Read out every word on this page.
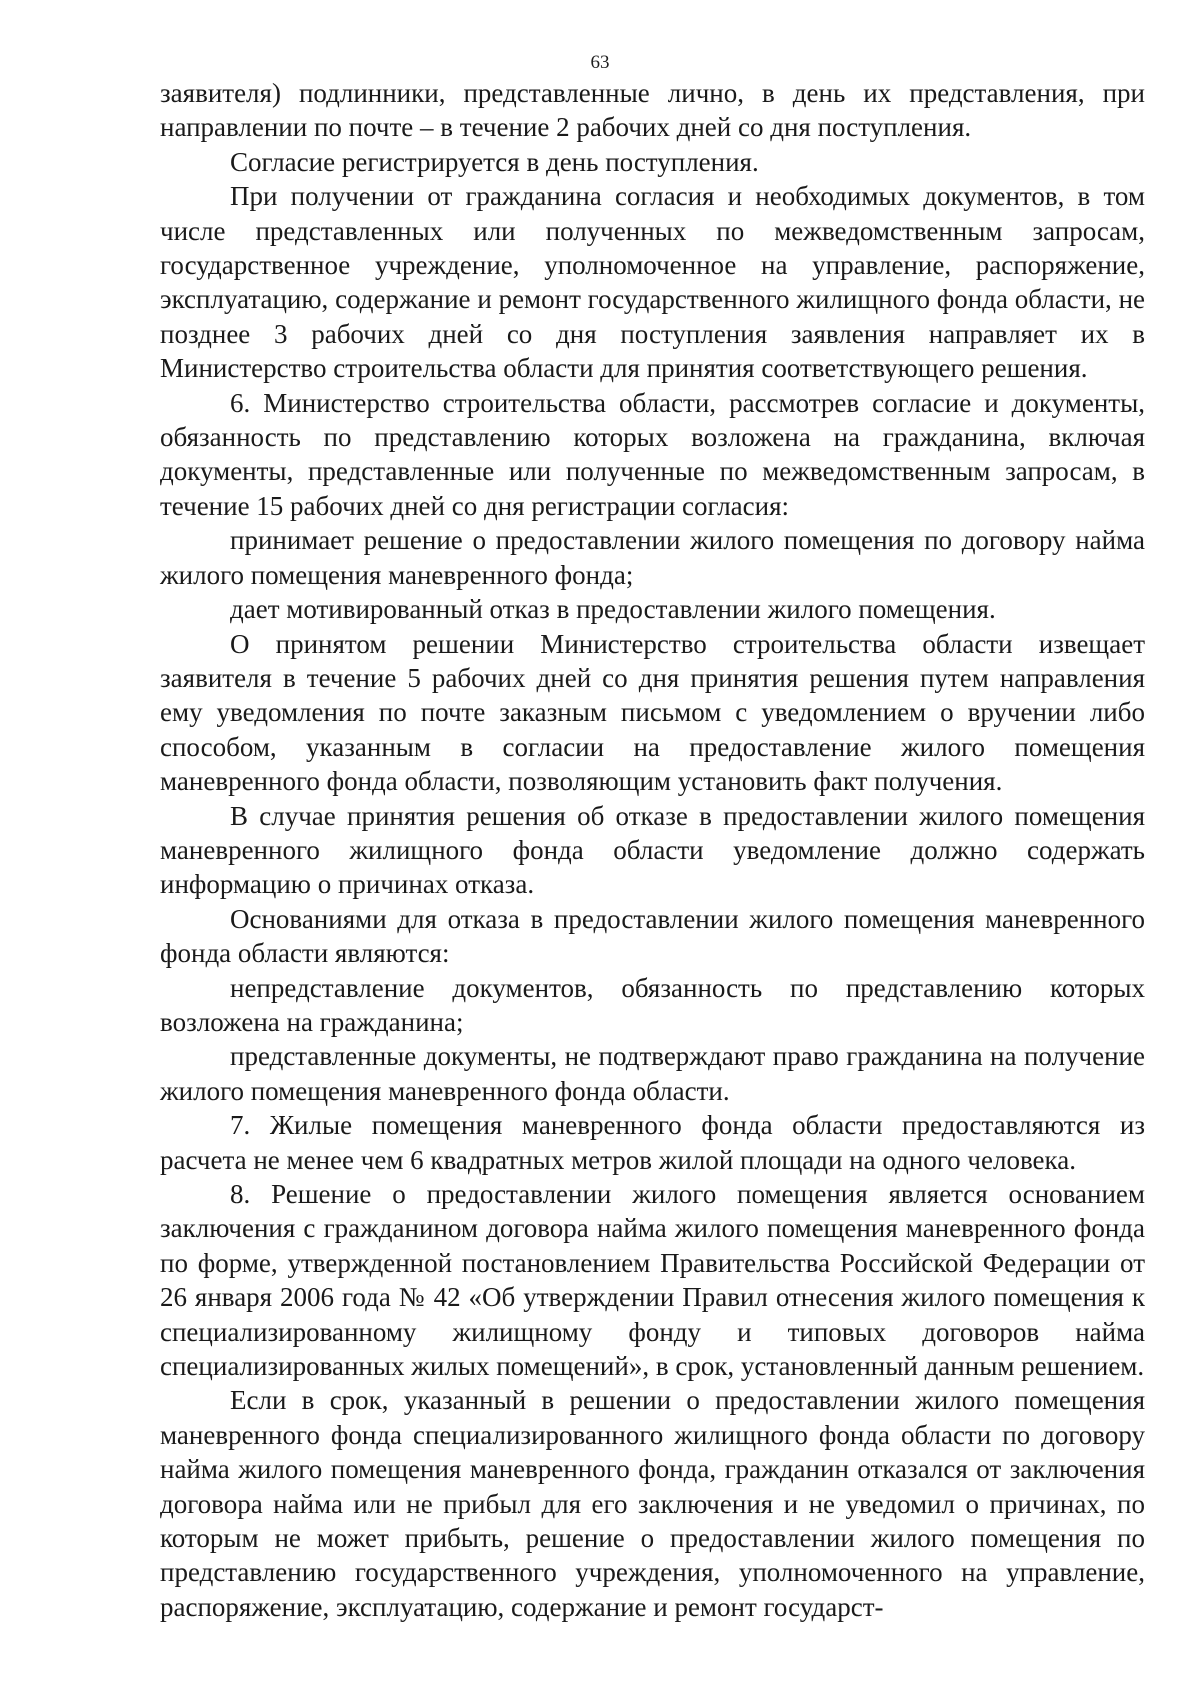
63

заявителя) подлинники, представленные лично, в день их представления, при направлении по почте – в течение 2 рабочих дней со дня поступления.

Согласие регистрируется в день поступления.

При получении от гражданина согласия и необходимых документов, в том числе представленных или полученных по межведомственным запросам, государственное учреждение, уполномоченное на управление, распоряжение, эксплуатацию, содержание и ремонт государственного жилищного фонда области, не позднее 3 рабочих дней со дня поступления заявления направляет их в Министерство строительства области для принятия соответствующего решения.

6. Министерство строительства области, рассмотрев согласие и документы, обязанность по представлению которых возложена на гражданина, включая документы, представленные или полученные по межведомственным запросам, в течение 15 рабочих дней со дня регистрации согласия:

принимает решение о предоставлении жилого помещения по договору найма жилого помещения маневренного фонда;

дает мотивированный отказ в предоставлении жилого помещения.

О принятом решении Министерство строительства области извещает заявителя в течение 5 рабочих дней со дня принятия решения путем направления ему уведомления по почте заказным письмом с уведомлением о вручении либо способом, указанным в согласии на предоставление жилого помещения маневренного фонда области, позволяющим установить факт получения.

В случае принятия решения об отказе в предоставлении жилого помещения маневренного жилищного фонда области уведомление должно содержать информацию о причинах отказа.

Основаниями для отказа в предоставлении жилого помещения маневренного фонда области являются:

непредставление документов, обязанность по представлению которых возложена на гражданина;

представленные документы, не подтверждают право гражданина на получение жилого помещения маневренного фонда области.

7. Жилые помещения маневренного фонда области предоставляются из расчета не менее чем 6 квадратных метров жилой площади на одного человека.

8. Решение о предоставлении жилого помещения является основанием заключения с гражданином договора найма жилого помещения маневренного фонда по форме, утвержденной постановлением Правительства Российской Федерации от 26 января 2006 года № 42 «Об утверждении Правил отнесения жилого помещения к специализированному жилищному фонду и типовых договоров найма специализированных жилых помещений», в срок, установленный данным решением.

Если в срок, указанный в решении о предоставлении жилого помещения маневренного фонда специализированного жилищного фонда области по договору найма жилого помещения маневренного фонда, гражданин отказался от заключения договора найма или не прибыл для его заключения и не уведомил о причинах, по которым не может прибыть, решение о предоставлении жилого помещения по представлению государственного учреждения, уполномоченного на управление, распоряжение, эксплуатацию, содержание и ремонт государст-
